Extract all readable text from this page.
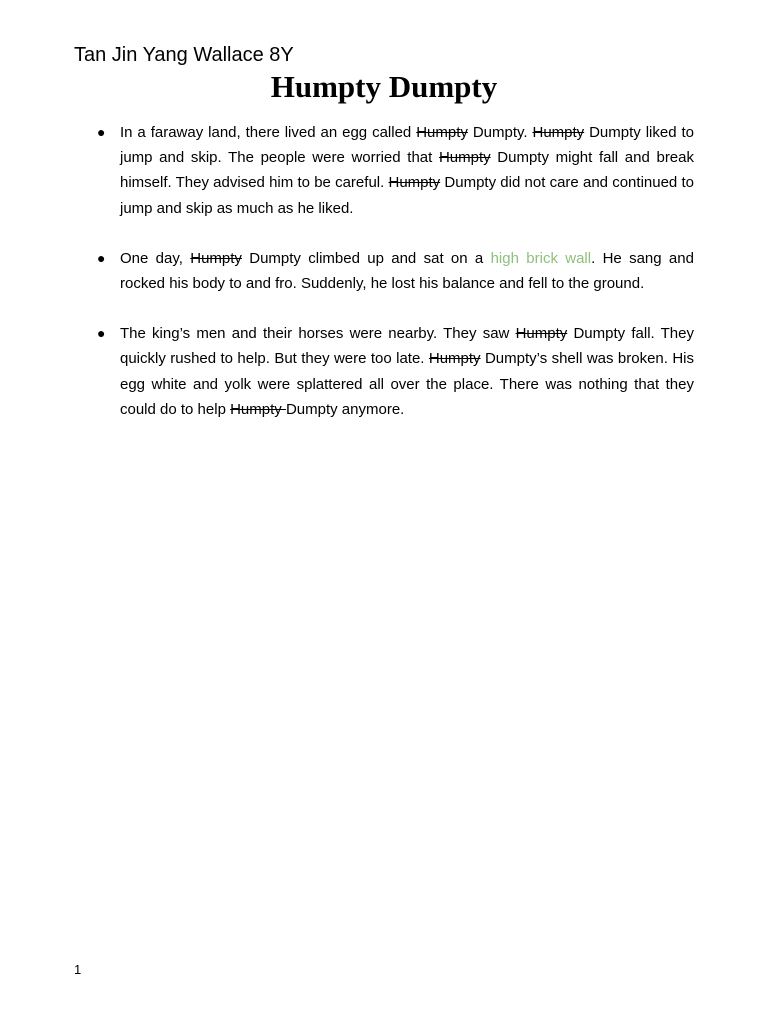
Tan Jin Yang Wallace 8Y
Humpty Dumpty
● In a faraway land, there lived an egg called Humpty Dumpty. Humpty Dumpty liked to jump and skip. The people were worried that Humpty Dumpty might fall and break himself. They advised him to be careful. Humpty Dumpty did not care and continued to jump and skip as much as he liked.
● One day, Humpty Dumpty climbed up and sat on a high brick wall. He sang and rocked his body to and fro. Suddenly, he lost his balance and fell to the ground.
● The king’s men and their horses were nearby. They saw Humpty Dumpty fall. They quickly rushed to help. But they were too late. Humpty Dumpty’s shell was broken. His egg white and yolk were splattered all over the place. There was nothing that they could do to help Humpty Dumpty anymore.
1
